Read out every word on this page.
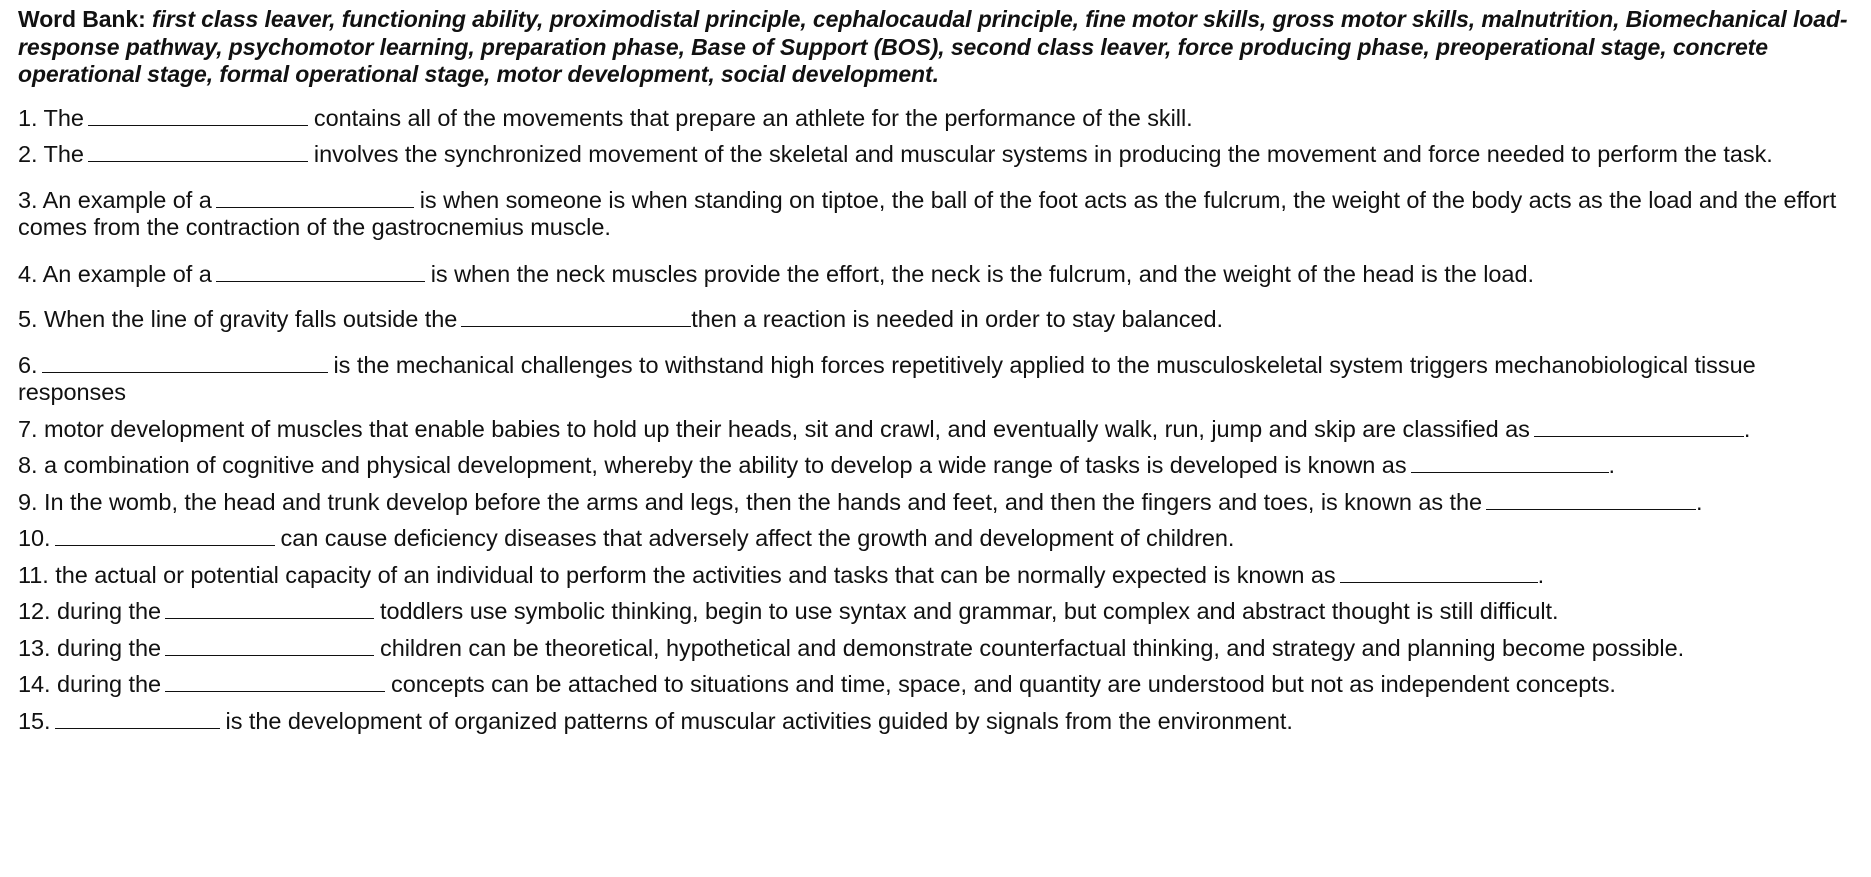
Word Bank: first class leaver, functioning ability, proximodistal principle, cephalocaudal principle, fine motor skills, gross motor skills, malnutrition, Biomechanical load-response pathway, psychomotor learning, preparation phase, Base of Support (BOS), second class leaver, force producing phase, preoperational stage, concrete operational stage, formal operational stage, motor development, social development.

1. The	contains all of the movements that prepare an athlete for the performance of the skill.

2. The	involves the synchronized movement of the skeletal and muscular systems in producing the movement and force needed to perform the task.

3. An example of a	is when someone is when standing on tiptoe, the ball of the foot acts as the fulcrum, the weight of the body acts as the load and the effort comes from the contraction of the gastrocnemius muscle.

4. An example of a	is when the neck muscles provide the effort, the neck is the fulcrum, and the weight of the head is the load.

5. When the line of gravity falls outside the	then a reaction is needed in order to stay balanced.

6.	is the mechanical challenges to withstand high forces repetitively applied to the musculoskeletal system triggers mechanobiological tissue responses

7. motor development of muscles that enable babies to hold up their heads, sit and crawl, and eventually walk, run, jump and skip are classified as	.

8. a combination of cognitive and physical development, whereby the ability to develop a wide range of tasks is developed is known as	.

9. In the womb, the head and trunk develop before the arms and legs, then the hands and feet, and then the fingers and toes, is known as the	.

10.	can cause deficiency diseases that adversely affect the growth and development of children.

11. the actual or potential capacity of an individual to perform the activities and tasks that can be normally expected is known as	.

12. during the	toddlers use symbolic thinking, begin to use syntax and grammar, but complex and abstract thought is still difficult.

13. during the	children can be theoretical, hypothetical and demonstrate counterfactual thinking, and strategy and planning become possible.

14. during the	concepts can be attached to situations and time, space, and quantity are understood but not as independent concepts.

15.	is the development of organized patterns of muscular activities guided by signals from the environment.
